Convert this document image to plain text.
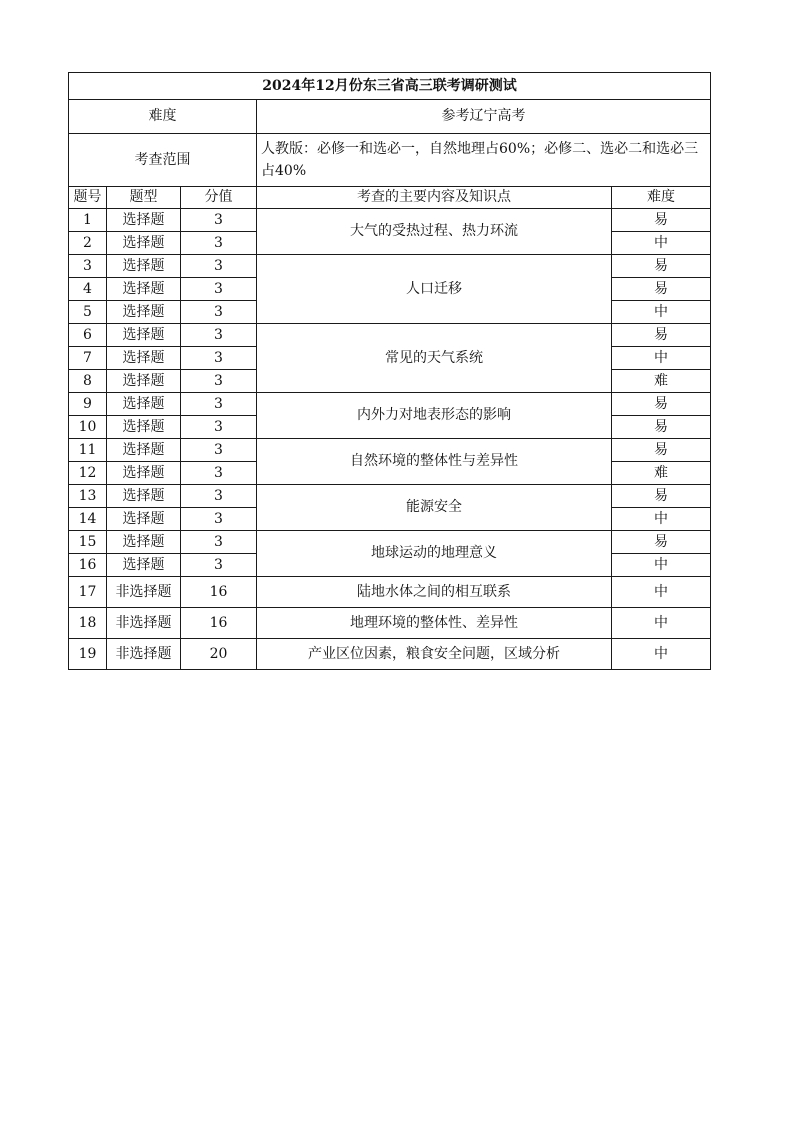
2024年12月份东三省高三联考调研测试				
难度			参考辽宁高考	
考查范围			人教版：必修一和选必一，自然地理占60%；必修二、选必二和选必三占40%	
题号	题型	分值	考查的主要内容及知识点	难度
1	选择题	3	大气的受热过程、热力环流	易
2	选择题	3		中
3	选择题	3	人口迁移	易
4	选择题	3		易
5	选择题	3		中
6	选择题	3	常见的天气系统	易
7	选择题	3		中
8	选择题	3		难
9	选择题	3	内外力对地表形态的影响	易
10	选择题	3		易
11	选择题	3	自然环境的整体性与差异性	易
12	选择题	3		难
13	选择题	3	能源安全	易
14	选择题	3		中
15	选择题	3	地球运动的地理意义	易
16	选择题	3		中
17	非选择题	16	陆地水体之间的相互联系	中
18	非选择题	16	地理环境的整体性、差异性	中
19	非选择题	20	产业区位因素，粮食安全问题，区域分析	中
